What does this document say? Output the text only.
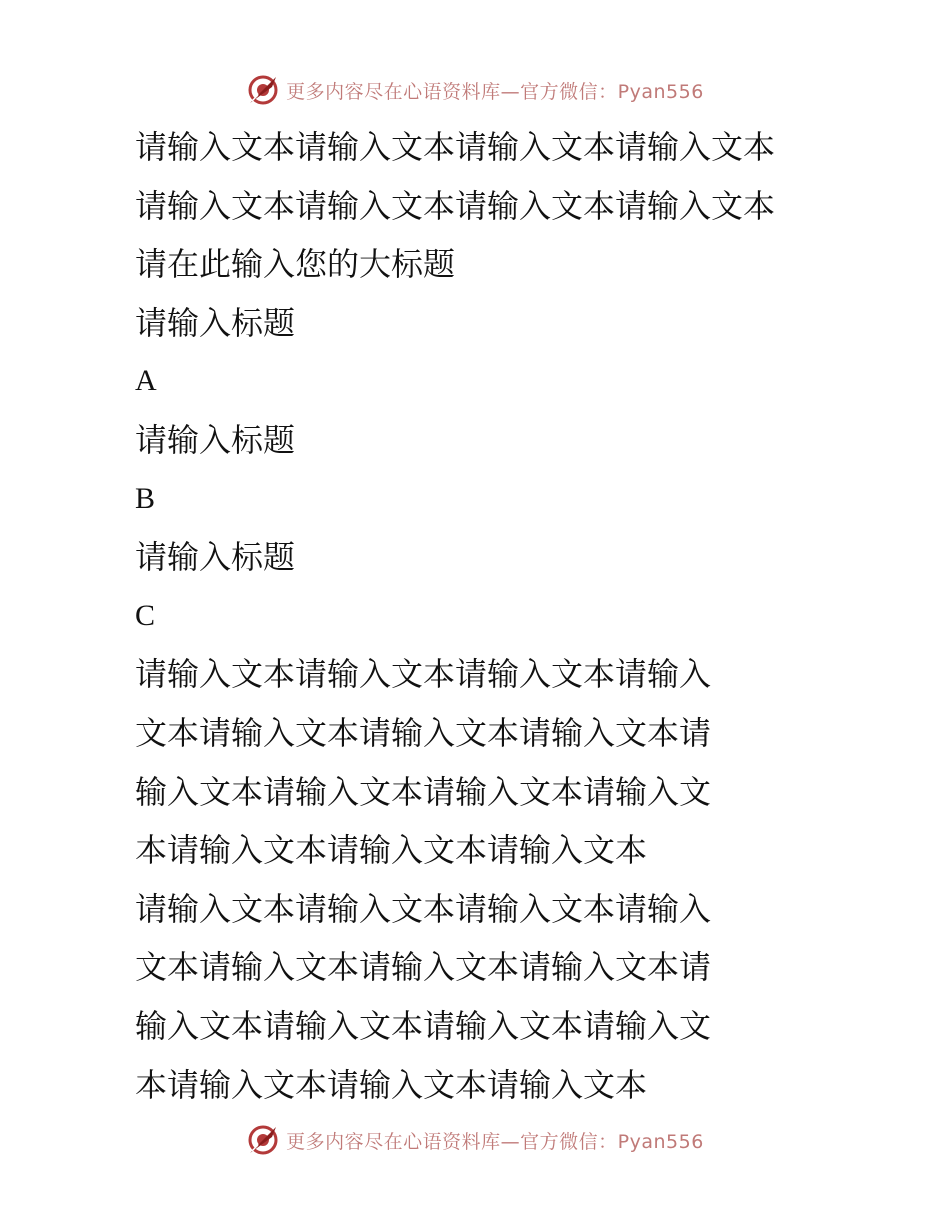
更多内容尽在心语资料库—官方微信：Pyan556
请输入文本请输入文本请输入文本请输入文本
请输入文本请输入文本请输入文本请输入文本
请在此输入您的大标题
请输入标题
A
请输入标题
B
请输入标题
C
请输入文本请输入文本请输入文本请输入
文本请输入文本请输入文本请输入文本请
输入文本请输入文本请输入文本请输入文
本请输入文本请输入文本请输入文本
请输入文本请输入文本请输入文本请输入
文本请输入文本请输入文本请输入文本请
输入文本请输入文本请输入文本请输入文
本请输入文本请输入文本请输入文本
更多内容尽在心语资料库—官方微信：Pyan556
